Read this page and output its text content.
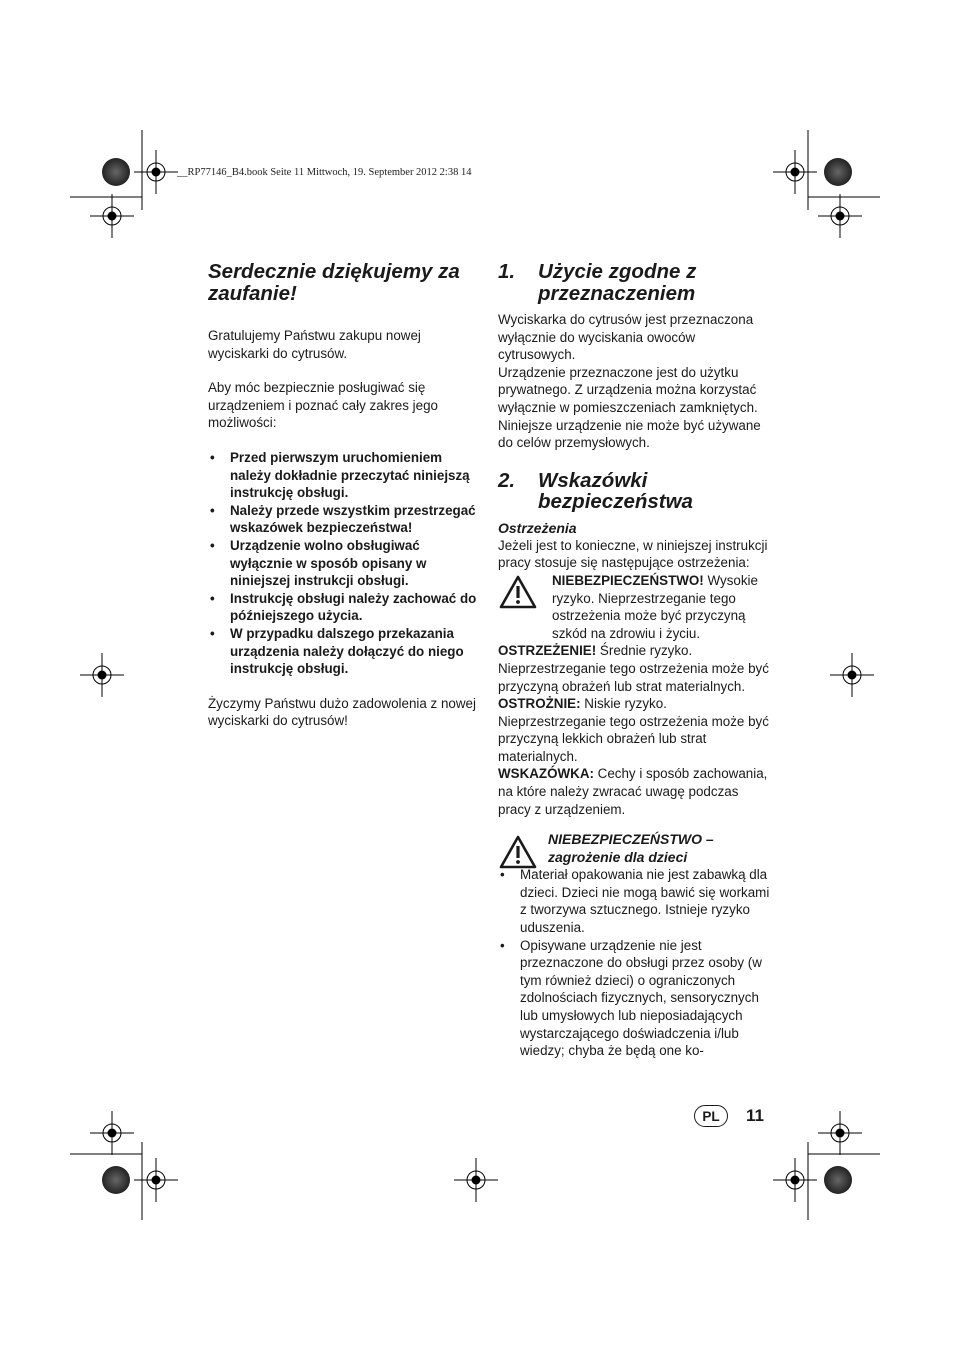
__RP77146_B4.book Seite 11 Mittwoch, 19. September 2012 2:38 14
Serdecznie dziękujemy za zaufanie!

Gratulujemy Państwu zakupu nowej wyciskarki do cytrusów.

Aby móc bezpiecznie posługiwać się urządzeniem i poznać cały zakres jego możliwości:

• Przed pierwszym uruchomieniem należy dokładnie przeczytać niniejszą instrukcję obsługi.
• Należy przede wszystkim przestrzegać wskazówek bezpieczeństwa!
• Urządzenie wolno obsługiwać wyłącznie w sposób opisany w niniejszej instrukcji obsługi.
• Instrukcję obsługi należy zachować do późniejszego użycia.
• W przypadku dalszego przekazania urządzenia należy dołączyć do niego instrukcję obsługi.

Życzymy Państwu dużo zadowolenia z nowej wyciskarki do cytrusów!

1.	Użycie zgodne z przeznaczeniem

Wyciskarka do cytrusów jest przeznaczona wyłącznie do wyciskania owoców cytrusowych.

Urządzenie przeznaczone jest do użytku prywatnego. Z urządzenia można korzystać wyłącznie w pomieszczeniach zamkniętych.

Niniejsze urządzenie nie może być używane do celów przemysłowych.

2.	Wskazówki bezpieczeństwa

Ostrzeżenia

Jeżeli jest to konieczne, w niniejszej instrukcji pracy stosuje się następujące ostrzeżenia:

NIEBEZPIECZEŃSTWO! Wysokie ryzyko. Nieprzestrzeganie tego ostrzeżenia może być przyczyną szkód na zdrowiu i życiu.

OSTRZEŻENIE! Średnie ryzyko. Nieprzestrzeganie tego ostrzeżenia może być przyczyną obrażeń lub strat materialnych.

OSTROŻNIE: Niskie ryzyko. Nieprzestrzeganie tego ostrzeżenia może być przyczyną lekkich obrażeń lub strat materialnych.

WSKAZÓWKA: Cechy i sposób zachowania, na które należy zwracać uwagę podczas pracy z urządzeniem.

NIEBEZPIECZEŃSTWO – zagrożenie dla dzieci

• Materiał opakowania nie jest zabawką dla dzieci. Dzieci nie mogą bawić się workami z tworzywa sztucznego. Istnieje ryzyko uduszenia.
• Opisywane urządzenie nie jest przeznaczone do obsługi przez osoby (w tym również dzieci) o ograniczonych zdolnościach fizycznych, sensorycznych lub umysłowych lub nieposiadających wystarczającego doświadczenia i/lub wiedzy; chyba że będą one ko-
PL	11
